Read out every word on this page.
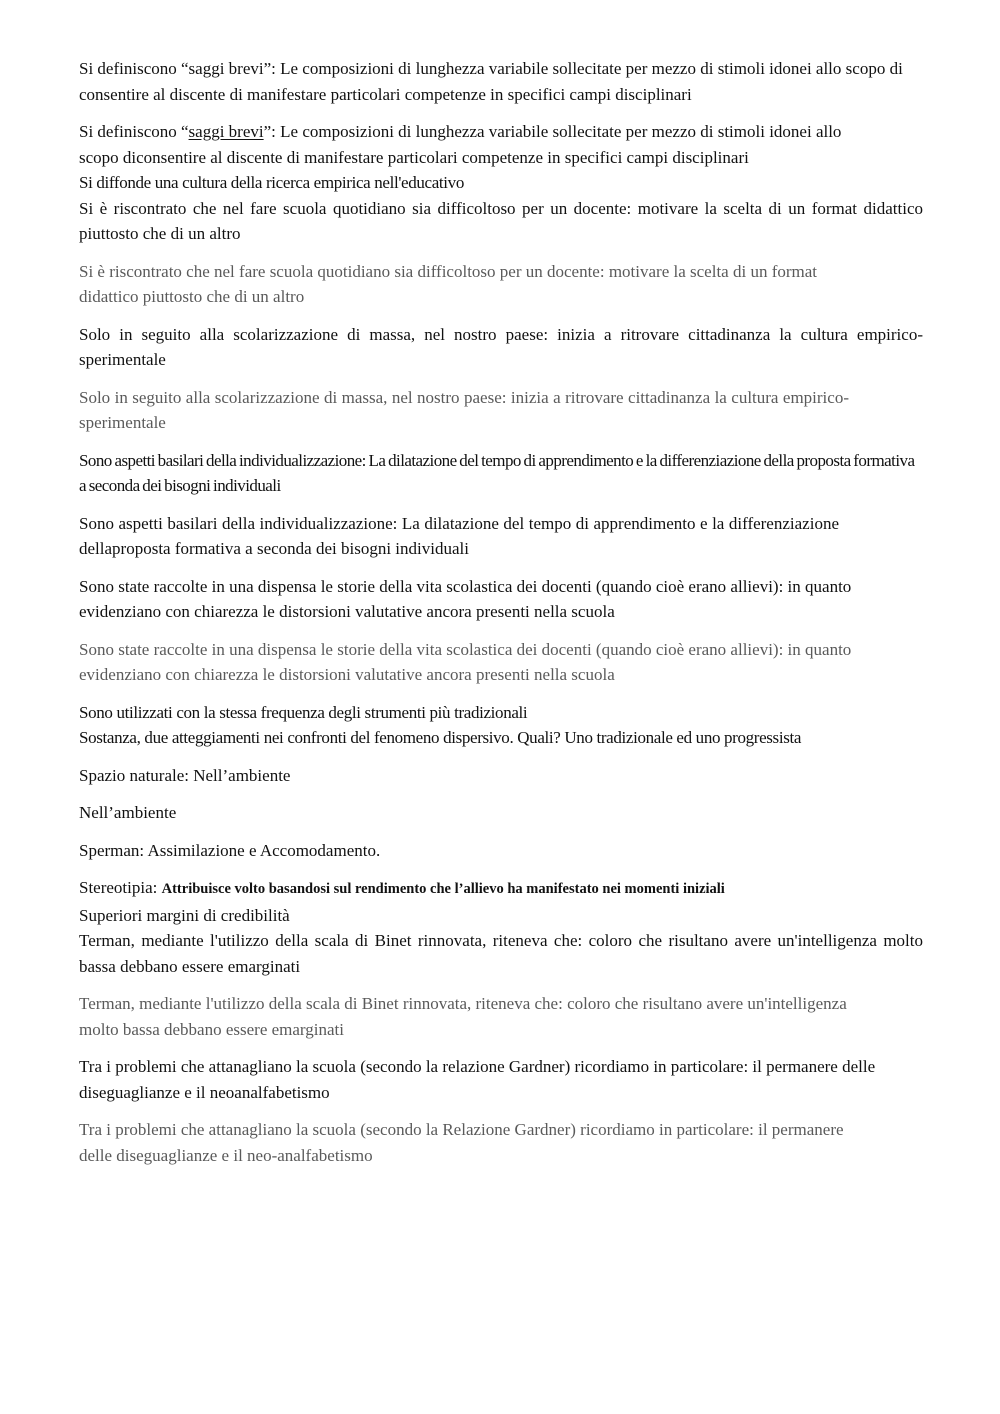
Si definiscono “saggi brevi”: Le composizioni di lunghezza variabile sollecitate per mezzo di stimoli idonei allo scopo di consentire al discente di manifestare particolari competenze in specifici campi disciplinari

Si definiscono “saggi brevi”: Le composizioni di lunghezza variabile sollecitate per mezzo di stimoli idonei allo scopo diconsentire al discente di manifestare particolari competenze in specifici campi disciplinari

Si diffonde una cultura della ricerca empirica nell'educativo

Si è riscontrato che nel fare scuola quotidiano sia difficoltoso per un docente: motivare la scelta di un format didattico piuttosto che di un altro

Si è riscontrato che nel fare scuola quotidiano sia difficoltoso per un docente: motivare la scelta di un format didattico piuttosto che di un altro

Solo in seguito alla scolarizzazione di massa, nel nostro paese: inizia a ritrovare cittadinanza la cultura empirico- sperimentale

Solo in seguito alla scolarizzazione di massa, nel nostro paese: inizia a ritrovare cittadinanza la cultura empirico- sperimentale

Sono aspetti basilari della individualizzazione: La dilatazione del tempo di apprendimento e la differenziazione della proposta formativa a seconda dei bisogni individuali

Sono aspetti basilari della individualizzazione: La dilatazione del tempo di apprendimento e la differenziazione dellaproposta formativa a seconda dei bisogni individuali

Sono state raccolte in una dispensa le storie della vita scolastica dei docenti (quando cioè erano allievi): in quanto evidenziano con chiarezza le distorsioni valutative ancora presenti nella scuola

Sono state raccolte in una dispensa le storie della vita scolastica dei docenti (quando cioè erano allievi): in quanto evidenziano con chiarezza le distorsioni valutative ancora presenti nella scuola

Sono utilizzati con la stessa frequenza degli strumenti più tradizionali

Sostanza, due atteggiamenti nei confronti del fenomeno dispersivo. Quali? Uno tradizionale ed uno progressista

Spazio naturale: Nell’ambiente

Nell’ambiente

Sperman: Assimilazione e Accomodamento.

Stereotipia: Attribuisce volto basandosi sul rendimento che l’allievo ha manifestato nei momenti iniziali

Superiori margini di credibilità

Terman, mediante l'utilizzo della scala di Binet rinnovata, riteneva che: coloro che risultano avere un'intelligenza molto bassa debbano essere emarginati

Terman, mediante l'utilizzo della scala di Binet rinnovata, riteneva che: coloro che risultano avere un'intelligenza molto bassa debbano essere emarginati

Tra i problemi che attanagliano la scuola (secondo la relazione Gardner) ricordiamo in particolare: il permanere delle diseguaglianze e il neoanalfabetismo

Tra i problemi che attanagliano la scuola (secondo la Relazione Gardner) ricordiamo in particolare: il permanere delle diseguaglianze e il neo-analfabetismo
